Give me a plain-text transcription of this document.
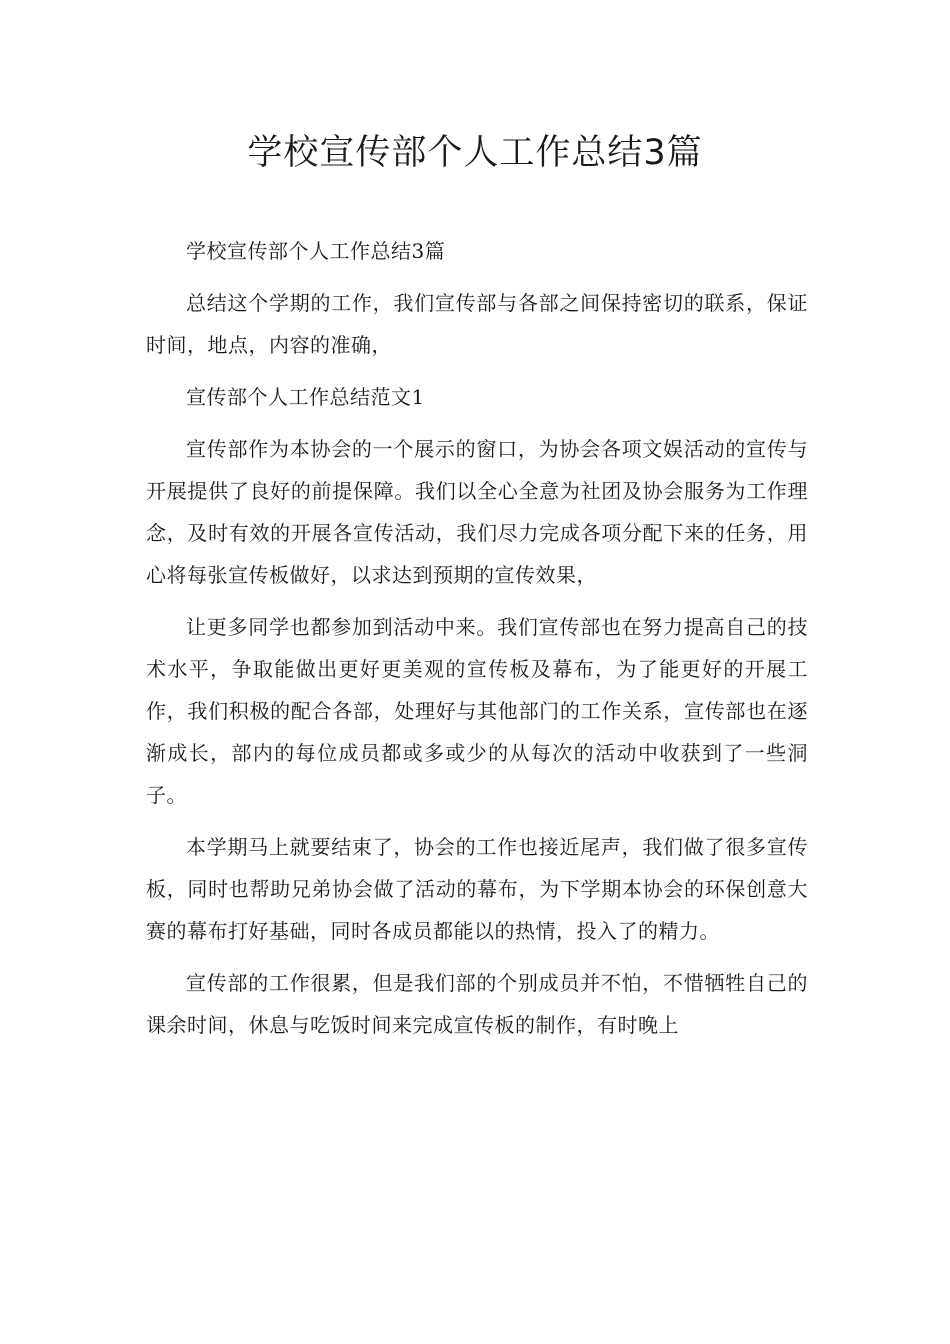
学校宣传部个人工作总结3篇

学校宣传部个人工作总结3篇

总结这个学期的工作，我们宣传部与各部之间保持密切的联系，保证时间，地点，内容的准确，

宣传部个人工作总结范文1

宣传部作为本协会的一个展示的窗口，为协会各项文娱活动的宣传与开展提供了良好的前提保障。我们以全心全意为社团及协会服务为工作理念，及时有效的开展各宣传活动，我们尽力完成各项分配下来的任务，用心将每张宣传板做好，以求达到预期的宣传效果，

让更多同学也都参加到活动中来。我们宣传部也在努力提高自己的技术水平，争取能做出更好更美观的宣传板及幕布，为了能更好的开展工作，我们积极的配合各部，处理好与其他部门的工作关系，宣传部也在逐渐成长，部内的每位成员都或多或少的从每次的活动中收获到了一些洞子。

本学期马上就要结束了，协会的工作也接近尾声，我们做了很多宣传板，同时也帮助兄弟协会做了活动的幕布，为下学期本协会的环保创意大赛的幕布打好基础，同时各成员都能以的热情，投入了的精力。

宣传部的工作很累，但是我们部的个别成员并不怕，不惜牺牲自己的课余时间，休息与吃饭时间来完成宣传板的制作，有时晚上
